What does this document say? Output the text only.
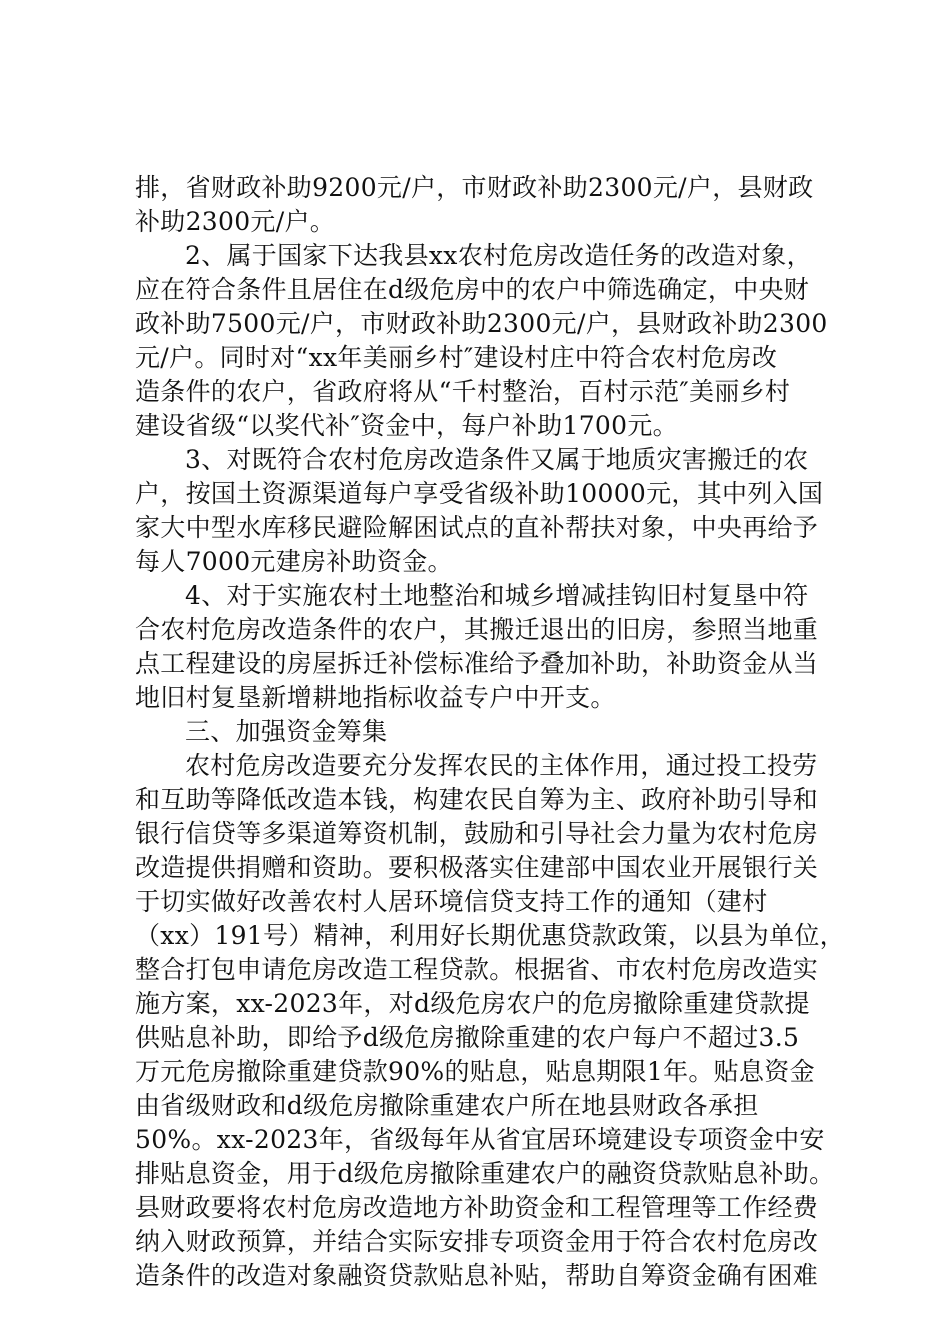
排，省财政补助9200元/户，市财政补助2300元/户，县财政
补助2300元/户。
2、属于国家下达我县xx农村危房改造任务的改造对象，
应在符合条件且居住在d级危房中的农户中筛选确定，中央财
政补助7500元/户，市财政补助2300元/户，县财政补助2300
元/户。同时对“xx年美丽乡村″建设村庄中符合农村危房改
造条件的农户，省政府将从“千村整治，百村示范″美丽乡村
建设省级“以奖代补″资金中，每户补助1700元。
3、对既符合农村危房改造条件又属于地质灾害搬迁的农
户，按国土资源渠道每户享受省级补助10000元，其中列入国
家大中型水库移民避险解困试点的直补帮扶对象，中央再给予
每人7000元建房补助资金。
4、对于实施农村土地整治和城乡增减挂钩旧村复垦中符
合农村危房改造条件的农户，其搬迁退出的旧房，参照当地重
点工程建设的房屋拆迁补偿标准给予叠加补助，补助资金从当
地旧村复垦新增耕地指标收益专户中开支。
三、加强资金筹集
农村危房改造要充分发挥农民的主体作用，通过投工投劳
和互助等降低改造本钱，构建农民自筹为主、政府补助引导和
银行信贷等多渠道筹资机制，鼓励和引导社会力量为农村危房
改造提供捐赠和资助。要积极落实住建部中国农业开展银行关
于切实做好改善农村人居环境信贷支持工作的通知（建村
（xx）191号）精神，利用好长期优惠贷款政策，以县为单位，
整合打包申请危房改造工程贷款。根据省、市农村危房改造实
施方案，xx-2023年，对d级危房农户的危房撤除重建贷款提
供贴息补助，即给予d级危房撤除重建的农户每户不超过3.5
万元危房撤除重建贷款90%的贴息，贴息期限1年。贴息资金
由省级财政和d级危房撤除重建农户所在地县财政各承担
50%。xx-2023年，省级每年从省宜居环境建设专项资金中安
排贴息资金，用于d级危房撤除重建农户的融资贷款贴息补助。
县财政要将农村危房改造地方补助资金和工程管理等工作经费
纳入财政预算，并结合实际安排专项资金用于符合农村危房改
造条件的改造对象融资贷款贴息补贴，帮助自筹资金确有困难
